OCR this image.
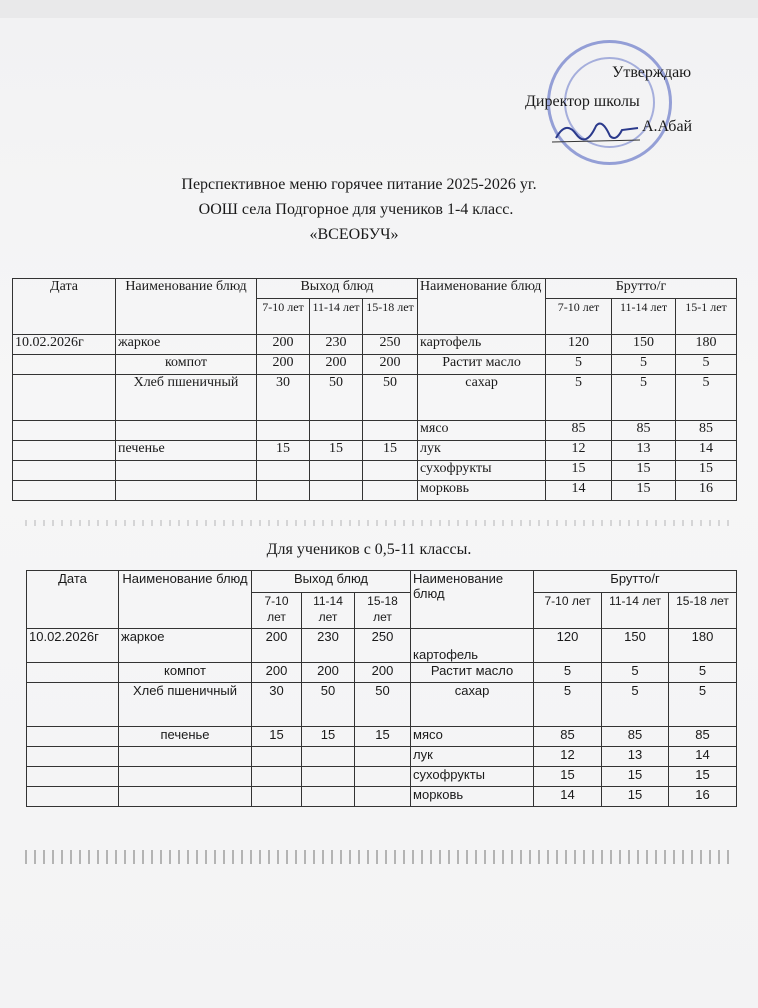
Утверждаю
Директор школы
А.Абай
Перспективное меню горячее питание 2025-2026 уг.
ООШ села Подгорное для учеников 1-4 класс.
«ВСЕОБУЧ»
Дата	Наименование блюд	Выход блюд			Наименование блюд	Брутто/г		
		7-10 лет	11-14 лет	15-18 лет		7-10 лет	11-14 лет	15-1 лет
10.02.2026г	жаркое	200	230	250	картофель	120	150	180
	компот	200	200	200	Растит масло	5	5	5
	Хлеб пшеничный	30	50	50	сахар	5	5	5
					мясо	85	85	85
	печенье	15	15	15	лук	12	13	14
					сухофрукты	15	15	15
					морковь	14	15	16
Для учеников с 0,5-11 классы.
Дата	Наименование блюд	Выход блюд			Наименование блюд	Брутто/г		
		7-10 лет	11-14 лет	15-18 лет		7-10 лет	11-14 лет	15-18 лет
10.02.2026г	жаркое	200	230	250	картофель	120	150	180
	компот	200	200	200	Растит масло	5	5	5
	Хлеб пшеничный	30	50	50	сахар	5	5	5
	печенье	15	15	15	мясо	85	85	85
					лук	12	13	14
					сухофрукты	15	15	15
					морковь	14	15	16
